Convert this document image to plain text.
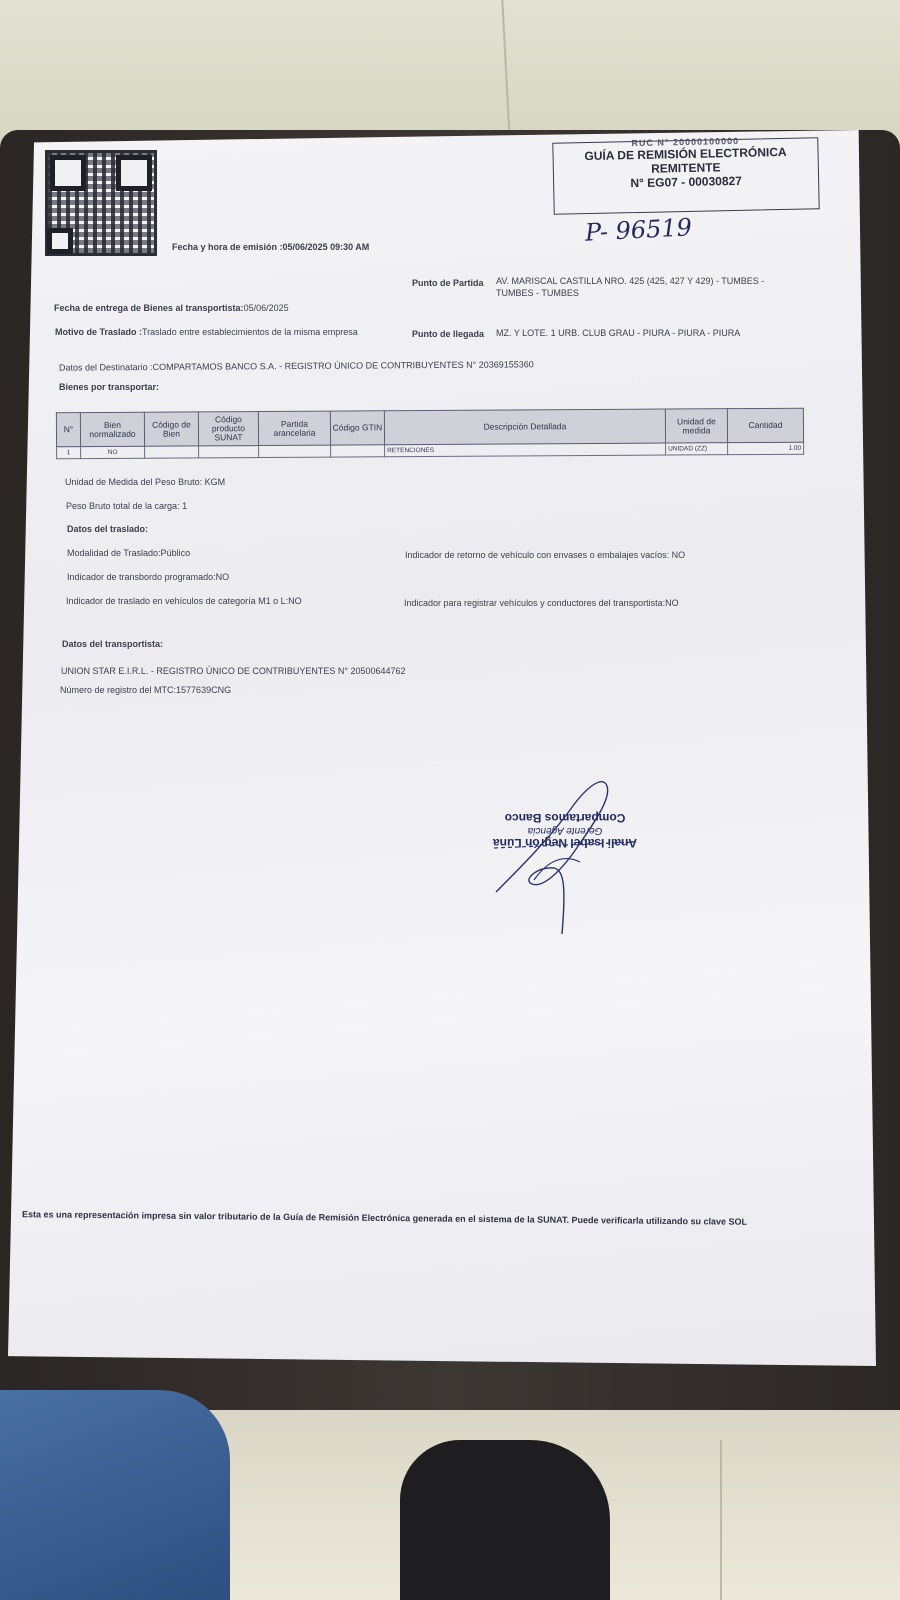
RUC N° 20000100000
GUÍA DE REMISIÓN ELECTRÓNICA
REMITENTE
N° EG07 - 00030827
P- 96519
Fecha y hora de emisión :05/06/2025 09:30 AM
Punto de Partida AV. MARISCAL CASTILLA NRO. 425 (425, 427 Y 429) - TUMBES -
TUMBES - TUMBES
Fecha de entrega de Bienes al transportista:05/06/2025
Motivo de Traslado :Traslado entre establecimientos de la misma empresa	Punto de llegada MZ. Y LOTE. 1 URB. CLUB GRAU - PIURA - PIURA - PIURA
Datos del Destinatario :COMPARTAMOS BANCO S.A. - REGISTRO ÚNICO DE CONTRIBUYENTES N° 20369155360
Bienes por transportar:
N°	Bien normalizado	Código de Bien	Código producto SUNAT	Partida arancelaria	Código GTIN	Descripción Detallada	Unidad de medida	Cantidad
1	NO					RETENCIONES	UNIDAD (ZZ)	1.00
Unidad de Medida del Peso Bruto: KGM
Peso Bruto total de la carga: 1
Datos del traslado:
Modalidad de Traslado:Público	Indicador de retorno de vehículo con envases o embalajes vacíos: NO
Indicador de transbordo programado:NO
Indicador de traslado en vehículos de categoría M1 o L:NO	Indicador para registrar vehículos y conductores del transportista:NO
Datos del transportista:
UNION STAR E.I.R.L. - REGISTRO ÚNICO DE CONTRIBUYENTES N° 20500644762
Número de registro del MTC:1577639CNG
Anali Isabel Negrón Luna
Gerente Agencia
Compartamos Banco
Esta es una representación impresa sin valor tributario de la Guía de Remisión Electrónica generada en el sistema de la SUNAT. Puede verificarla utilizando su clave SOL
